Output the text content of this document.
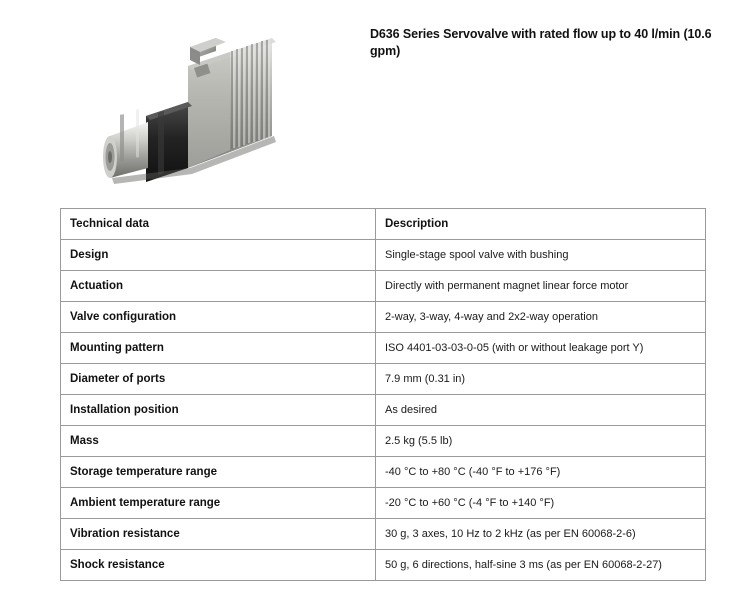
D636 Series Servovalve with rated flow up to 40 l/min (10.6 gpm)
Technical data	Description
Design	Single-stage spool valve with bushing
Actuation	Directly with permanent magnet linear force motor
Valve configuration	2-way, 3-way, 4-way and 2x2-way operation
Mounting pattern	ISO 4401-03-03-0-05 (with or without leakage port Y)
Diameter of ports	7.9 mm (0.31 in)
Installation position	As desired
Mass	2.5 kg (5.5 lb)
Storage temperature range	-40 °C to +80 °C (-40 °F to +176 °F)
Ambient temperature range	-20 °C to +60 °C (-4 °F to +140 °F)
Vibration resistance	30 g, 3 axes, 10 Hz to 2 kHz (as per EN 60068-2-6)
Shock resistance	50 g, 6 directions, half-sine 3 ms (as per EN 60068-2-27)
